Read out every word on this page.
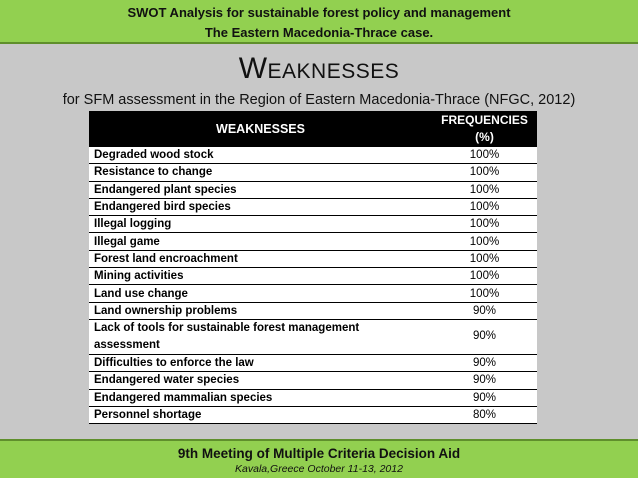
SWOT Analysis for sustainable forest policy and management
The Eastern Macedonia-Thrace case.
Weaknesses
for SFM assessment in the Region of Eastern Macedonia-Thrace (NFGC, 2012)
WEAKNESSES	FREQUENCIES
(%)

Degraded wood stock	100%
Resistance to change	100%
Endangered plant species	100%
Endangered bird species	100%
Illegal logging	100%
Illegal game	100%
Forest land encroachment	100%
Mining activities	100%
Land use change	100%
Land ownership problems	90%
Lack of tools for sustainable forest management assessment	90%
Difficulties to enforce the law	90%
Endangered water species	90%
Endangered mammalian species	90%
Personnel shortage	80%
9th Meeting of Multiple Criteria Decision Aid
Kavala,Greece October 11-13, 2012
